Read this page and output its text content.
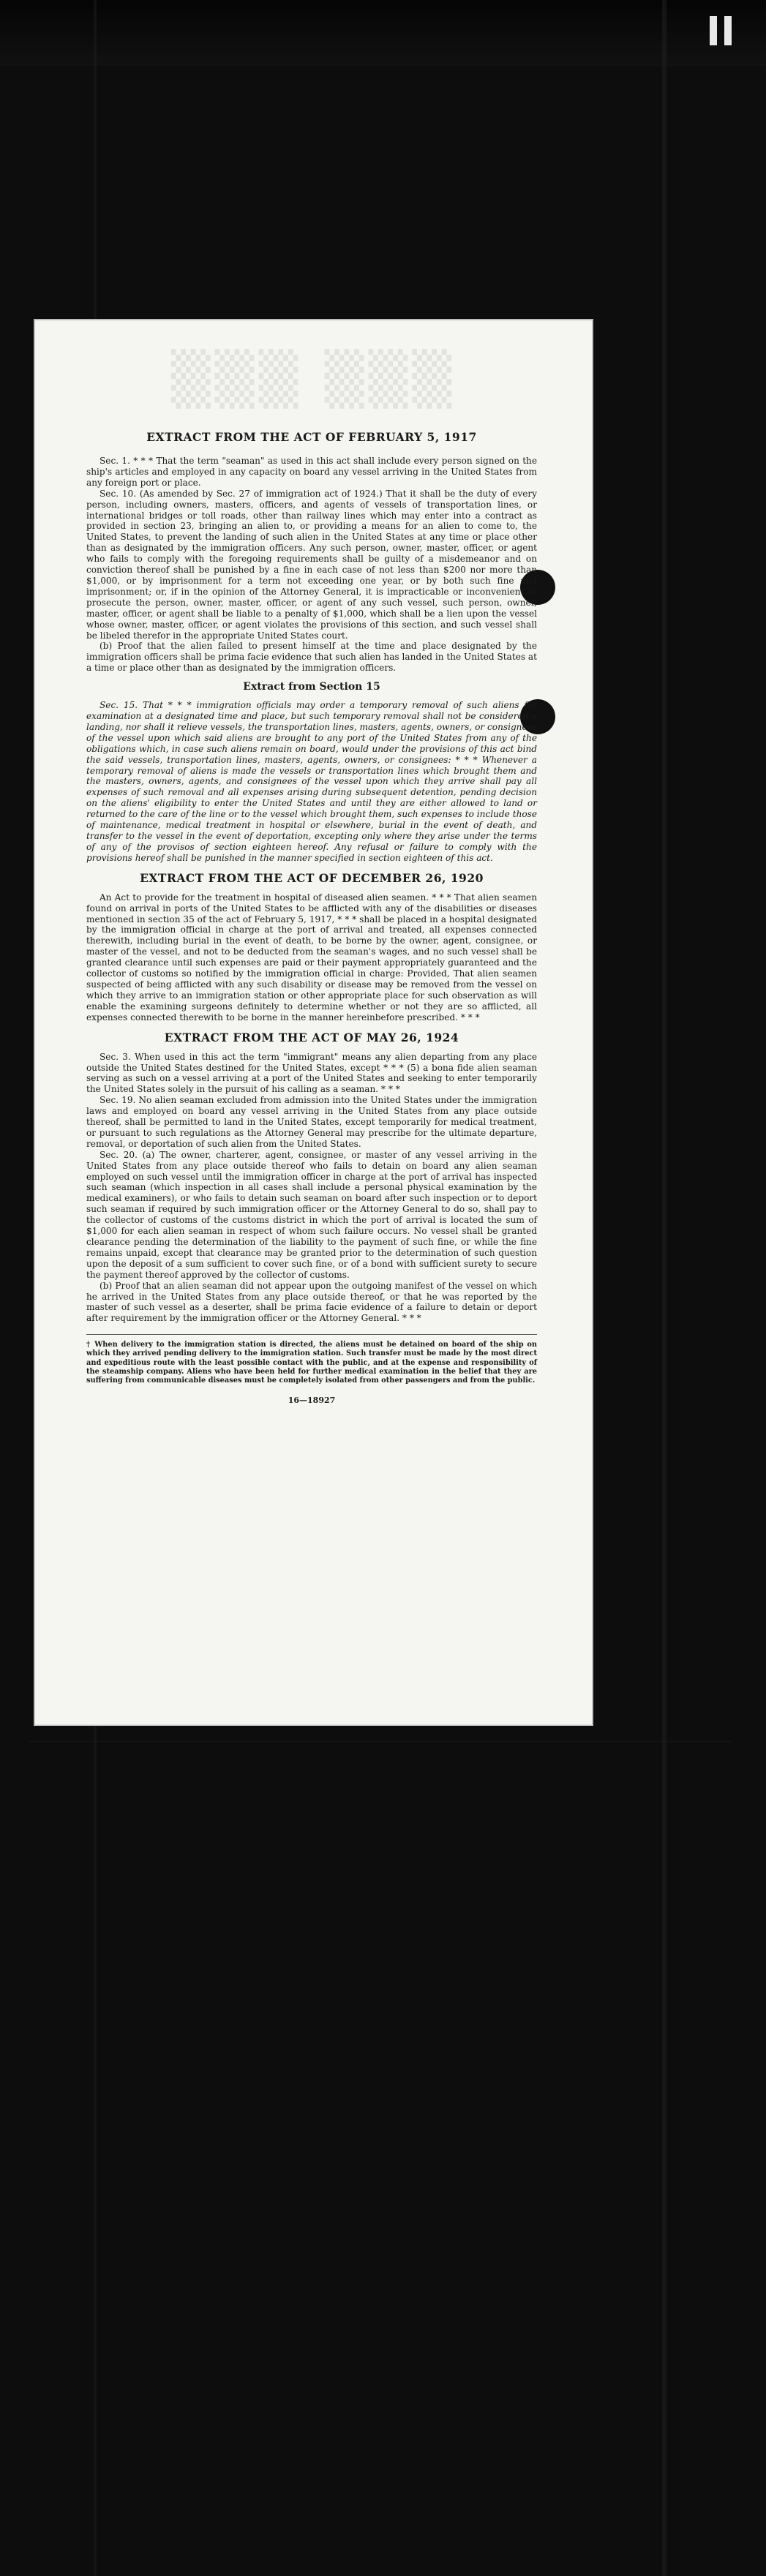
▒▒▒ ▒▒▒
EXTRACT FROM THE ACT OF FEBRUARY 5, 1917

Sec. 1. * * * That the term "seaman" as used in this act shall include every person signed on the ship's articles and employed in any capacity on board any vessel arriving in the United States from any foreign port or place.

Sec. 10. (As amended by Sec. 27 of immigration act of 1924.) That it shall be the duty of every person, including owners, masters, officers, and agents of vessels of transportation lines, or international bridges or toll roads, other than railway lines which may enter into a contract as provided in section 23, bringing an alien to, or providing a means for an alien to come to, the United States, to prevent the landing of such alien in the United States at any time or place other than as designated by the immigration officers. Any such person, owner, master, officer, or agent who fails to comply with the foregoing requirements shall be guilty of a misdemeanor and on conviction thereof shall be punished by a fine in each case of not less than $200 nor more than $1,000, or by imprisonment for a term not exceeding one year, or by both such fine and imprisonment; or, if in the opinion of the Attorney General, it is impracticable or inconvenient to prosecute the person, owner, master, officer, or agent of any such vessel, such person, owner, master, officer, or agent shall be liable to a penalty of $1,000, which shall be a lien upon the vessel whose owner, master, officer, or agent violates the provisions of this section, and such vessel shall be libeled therefor in the appropriate United States court.

(b) Proof that the alien failed to present himself at the time and place designated by the immigration officers shall be prima facie evidence that such alien has landed in the United States at a time or place other than as designated by the immigration officers.

Extract from Section 15

Sec. 15. That * * * immigration officials may order a temporary removal of such aliens for examination at a designated time and place, but such temporary removal shall not be considered a landing, nor shall it relieve vessels, the transportation lines, masters, agents, owners, or consignees of the vessel upon which said aliens are brought to any port of the United States from any of the obligations which, in case such aliens remain on board, would under the provisions of this act bind the said vessels, transportation lines, masters, agents, owners, or consignees: * * * Whenever a temporary removal of aliens is made the vessels or transportation lines which brought them and the masters, owners, agents, and consignees of the vessel upon which they arrive shall pay all expenses of such removal and all expenses arising during subsequent detention, pending decision on the aliens' eligibility to enter the United States and until they are either allowed to land or returned to the care of the line or to the vessel which brought them, such expenses to include those of maintenance, medical treatment in hospital or elsewhere, burial in the event of death, and transfer to the vessel in the event of deportation, excepting only where they arise under the terms of any of the provisos of section eighteen hereof. Any refusal or failure to comply with the provisions hereof shall be punished in the manner specified in section eighteen of this act.

EXTRACT FROM THE ACT OF DECEMBER 26, 1920

An Act to provide for the treatment in hospital of diseased alien seamen. * * * That alien seamen found on arrival in ports of the United States to be afflicted with any of the disabilities or diseases mentioned in section 35 of the act of February 5, 1917, * * * shall be placed in a hospital designated by the immigration official in charge at the port of arrival and treated, all expenses connected therewith, including burial in the event of death, to be borne by the owner, agent, consignee, or master of the vessel, and not to be deducted from the seaman's wages, and no such vessel shall be granted clearance until such expenses are paid or their payment appropriately guaranteed and the collector of customs so notified by the immigration official in charge: Provided, That alien seamen suspected of being afflicted with any such disability or disease may be removed from the vessel on which they arrive to an immigration station or other appropriate place for such observation as will enable the examining surgeons definitely to determine whether or not they are so afflicted, all expenses connected therewith to be borne in the manner hereinbefore prescribed. * * *

EXTRACT FROM THE ACT OF MAY 26, 1924

Sec. 3. When used in this act the term "immigrant" means any alien departing from any place outside the United States destined for the United States, except * * * (5) a bona fide alien seaman serving as such on a vessel arriving at a port of the United States and seeking to enter temporarily the United States solely in the pursuit of his calling as a seaman. * * *

Sec. 19. No alien seaman excluded from admission into the United States under the immigration laws and employed on board any vessel arriving in the United States from any place outside thereof, shall be permitted to land in the United States, except temporarily for medical treatment, or pursuant to such regulations as the Attorney General may prescribe for the ultimate departure, removal, or deportation of such alien from the United States.

Sec. 20. (a) The owner, charterer, agent, consignee, or master of any vessel arriving in the United States from any place outside thereof who fails to detain on board any alien seaman employed on such vessel until the immigration officer in charge at the port of arrival has inspected such seaman (which inspection in all cases shall include a personal physical examination by the medical examiners), or who fails to detain such seaman on board after such inspection or to deport such seaman if required by such immigration officer or the Attorney General to do so, shall pay to the collector of customs of the customs district in which the port of arrival is located the sum of $1,000 for each alien seaman in respect of whom such failure occurs. No vessel shall be granted clearance pending the determination of the liability to the payment of such fine, or while the fine remains unpaid, except that clearance may be granted prior to the determination of such question upon the deposit of a sum sufficient to cover such fine, or of a bond with sufficient surety to secure the payment thereof approved by the collector of customs.

(b) Proof that an alien seaman did not appear upon the outgoing manifest of the vessel on which he arrived in the United States from any place outside thereof, or that he was reported by the master of such vessel as a deserter, shall be prima facie evidence of a failure to detain or deport after requirement by the immigration officer or the Attorney General. * * *

† When delivery to the immigration station is directed, the aliens must be detained on board of the ship on which they arrived pending delivery to the immigration station. Such transfer must be made by the most direct and expeditious route with the least possible contact with the public, and at the expense and responsibility of the steamship company. Aliens who have been held for further medical examination in the belief that they are suffering from communicable diseases must be completely isolated from other passengers and from the public.

16—18927
